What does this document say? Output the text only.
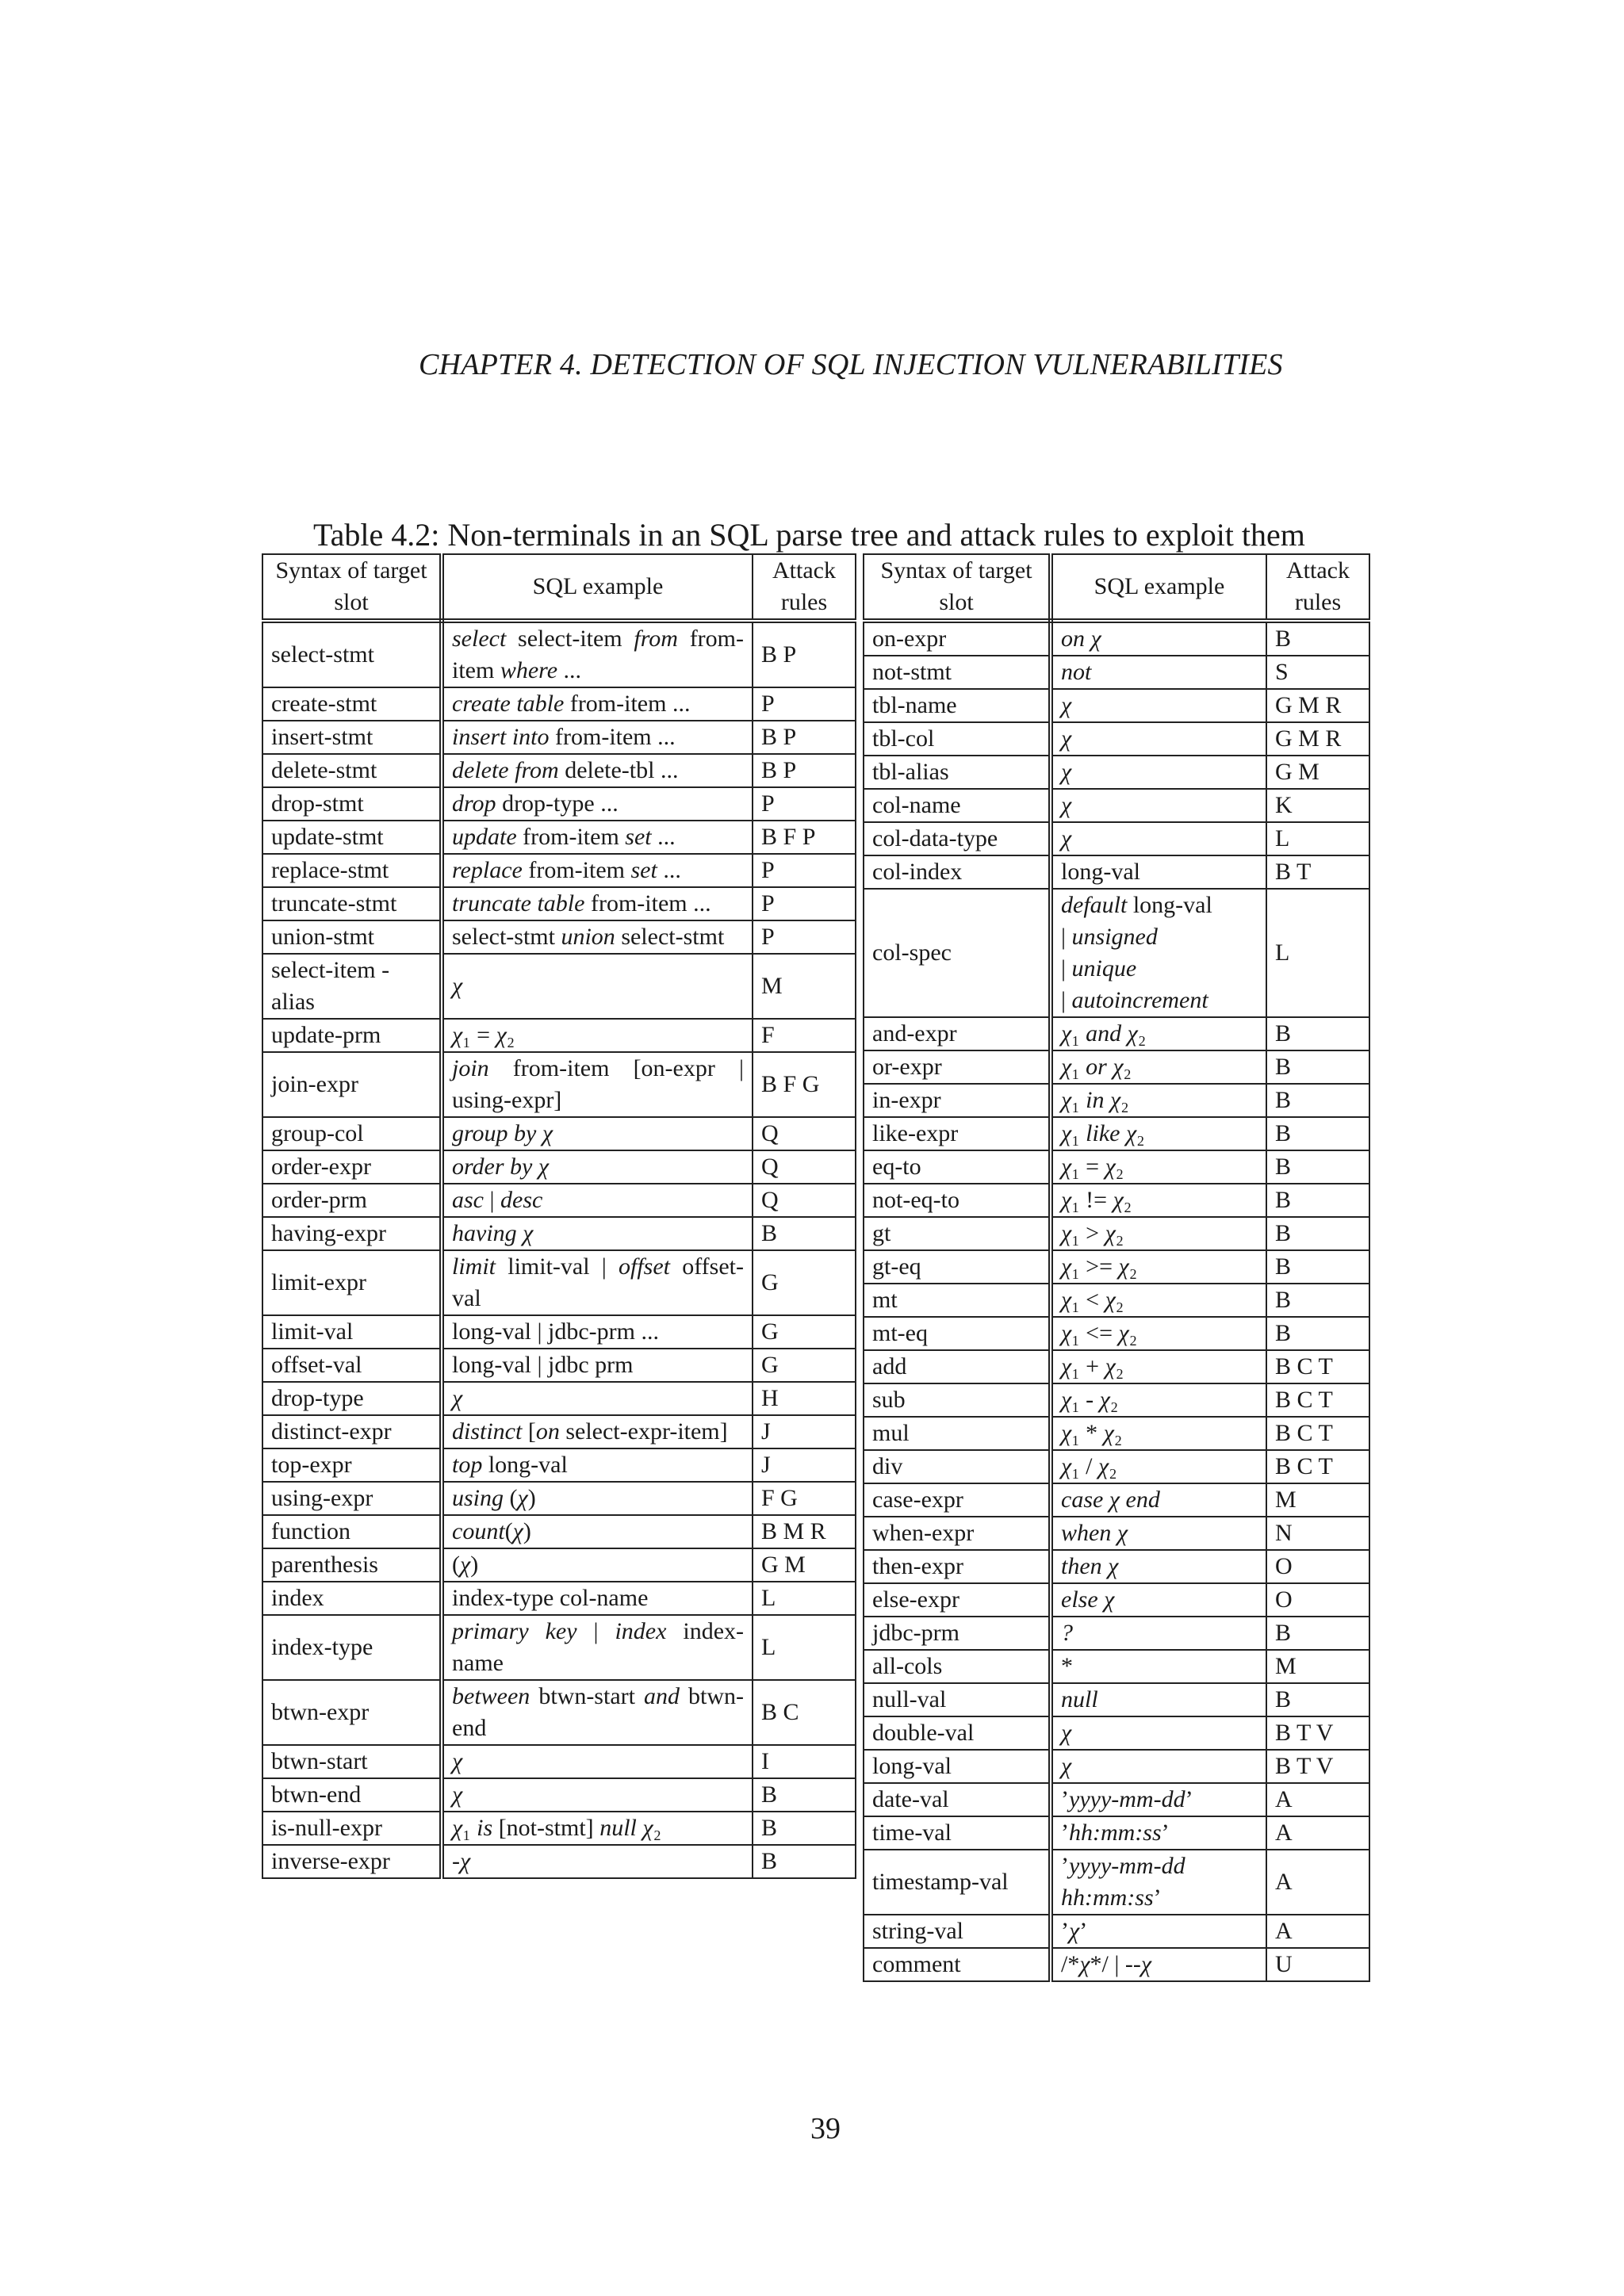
CHAPTER 4. DETECTION OF SQL INJECTION VULNERABILITIES
Table 4.2: Non-terminals in an SQL parse tree and attack rules to exploit them
Syntax of target slot	SQL example	Attack rules
select-stmt	select select-item from from-item where ...	B P
create-stmt	create table from-item ...	P
insert-stmt	insert into from-item ...	B P
delete-stmt	delete from delete-tbl ...	B P
drop-stmt	drop drop-type ...	P
update-stmt	update from-item set ...	B F P
replace-stmt	replace from-item set ...	P
truncate-stmt	truncate table from-item ...	P
union-stmt	select-stmt union select-stmt	P
select-item - alias	χ	M
update-prm	χ₁ = χ₂	F
join-expr	join from-item [on-expr | using-expr]	B F G
group-col	group by χ	Q
order-expr	order by χ	Q
order-prm	asc | desc	Q
having-expr	having χ	B
limit-expr	limit limit-val | offset offset-val	G
limit-val	long-val | jdbc-prm ...	G
offset-val	long-val | jdbc prm	G
drop-type	χ	H
distinct-expr	distinct [on select-expr-item]	J
top-expr	top long-val	J
using-expr	using (χ)	F G
function	count(χ)	B M R
parenthesis	(χ)	G M
index	index-type col-name	L
index-type	primary key | index index-name	L
btwn-expr	between btwn-start and btwn-end	B C
btwn-start	χ	I
btwn-end	χ	B
is-null-expr	χ₁ is [not-stmt] null χ₂	B
inverse-expr	-χ	B
Syntax of target slot	SQL example	Attack rules
on-expr	on χ	B
not-stmt	not	S
tbl-name	χ	G M R
tbl-col	χ	G M R
tbl-alias	χ	G M
col-name	χ	K
col-data-type	χ	L
col-index	long-val	B T
col-spec	default long-val
| unsigned
| unique
| autoincrement	L
and-expr	χ₁ and χ₂	B
or-expr	χ₁ or χ₂	B
in-expr	χ₁ in χ₂	B
like-expr	χ₁ like χ₂	B
eq-to	χ₁ = χ₂	B
not-eq-to	χ₁ != χ₂	B
gt	χ₁ > χ₂	B
gt-eq	χ₁ >= χ₂	B
mt	χ₁ < χ₂	B
mt-eq	χ₁ <= χ₂	B
add	χ₁ + χ₂	B C T
sub	χ₁ - χ₂	B C T
mul	χ₁ * χ₂	B C T
div	χ₁ / χ₂	B C T
case-expr	case χ end	M
when-expr	when χ	N
then-expr	then χ	O
else-expr	else χ	O
jdbc-prm	?	B
all-cols	*	M
null-val	null	B
double-val	χ	B T V
long-val	χ	B T V
date-val	’yyyy-mm-dd’	A
time-val	’hh:mm:ss’	A
timestamp-val	’yyyy-mm-dd hh:mm:ss’	A
string-val	’χ’	A
comment	/*χ*/ | --χ	U
39
